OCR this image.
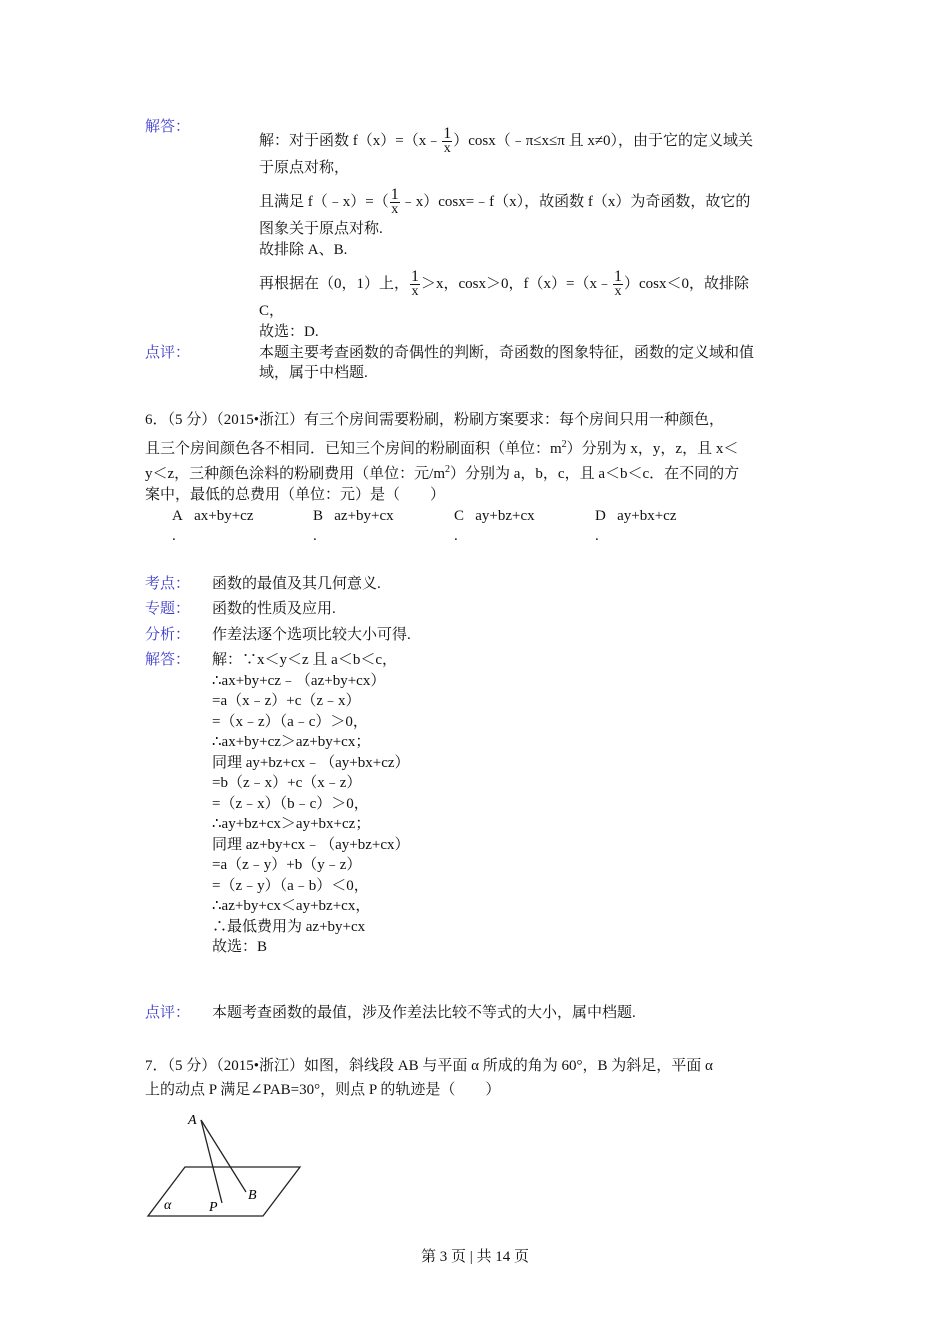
解答：
解：对于函数 f（x）=（x﹣ $\frac{1}{x}$ ）cosx（﹣π≤x≤π 且 x≠0），由于它的定义域关
于原点对称，
且满足 f（﹣x）=（ $\frac{1}{x}$ ﹣x）cosx=﹣f（x），故函数 f（x）为奇函数，故它的
图象关于原点对称.
故排除 A、B.
再根据在（0，1）上， $\frac{1}{x} >x$，cosx＞0，f（x）=（x﹣ $\frac{1}{x} )\cos x<0$，故排除
C，
故选：D.
点评：	本题主要考查函数的奇偶性的判断，奇函数的图象特征，函数的定义域和值
域，属于中档题.
6．（5 分）（2015•浙江）有三个房间需要粉刷，粉刷方案要求：每个房间只用一种颜色，
且三个房间颜色各不相同．已知三个房间的粉刷面积（单位：$m^2$）分别为 x，y，z，且 x＜
y＜z，三种颜色涂料的粉刷费用（单位：元$/m^2$）分别为 a，b，c，且 a＜b＜c．在不同的方
案中，最低的总费用（单位：元）是（　　）
A ax+by+cz
.
B az+by+cx
.
C ay+bz+cx
.
D ay+bx+cz
.
考点： 函数的最值及其几何意义.
专题： 函数的性质及应用.
分析： 作差法逐个选项比较大小可得.
解答： 解：∵x＜y＜z 且 a＜b＜c，
∴ax+by+cz﹣（az+by+cx）
=a（x﹣z）+c（z﹣x）
=（x﹣z）（a﹣c）＞0，
∴ax+by+cz＞az+by+cx；
同理 ay+bz+cx﹣（ay+bx+cz）
=b（z﹣x）+c（x﹣z）
=（z﹣x）（b﹣c）＞0，
∴ay+bz+cx＞ay+bx+cz；
同理 az+by+cx﹣（ay+bz+cx）
=a（z﹣y）+b（y﹣z）
=（z﹣y）（a﹣b）＜0，
∴az+by+cx＜ay+bz+cx，
∴最低费用为 az+by+cx
故选：B
点评： 本题考查函数的最值，涉及作差法比较不等式的大小，属中档题.
7．（5 分）（2015•浙江）如图，斜线段 AB 与平面 α 所成的角为 60°，B 为斜足，平面 α
上的动点 P 满足∠PAB=30°，则点 P 的轨迹是（　　）
A
B
P
α
第 3 页 | 共 14 页
